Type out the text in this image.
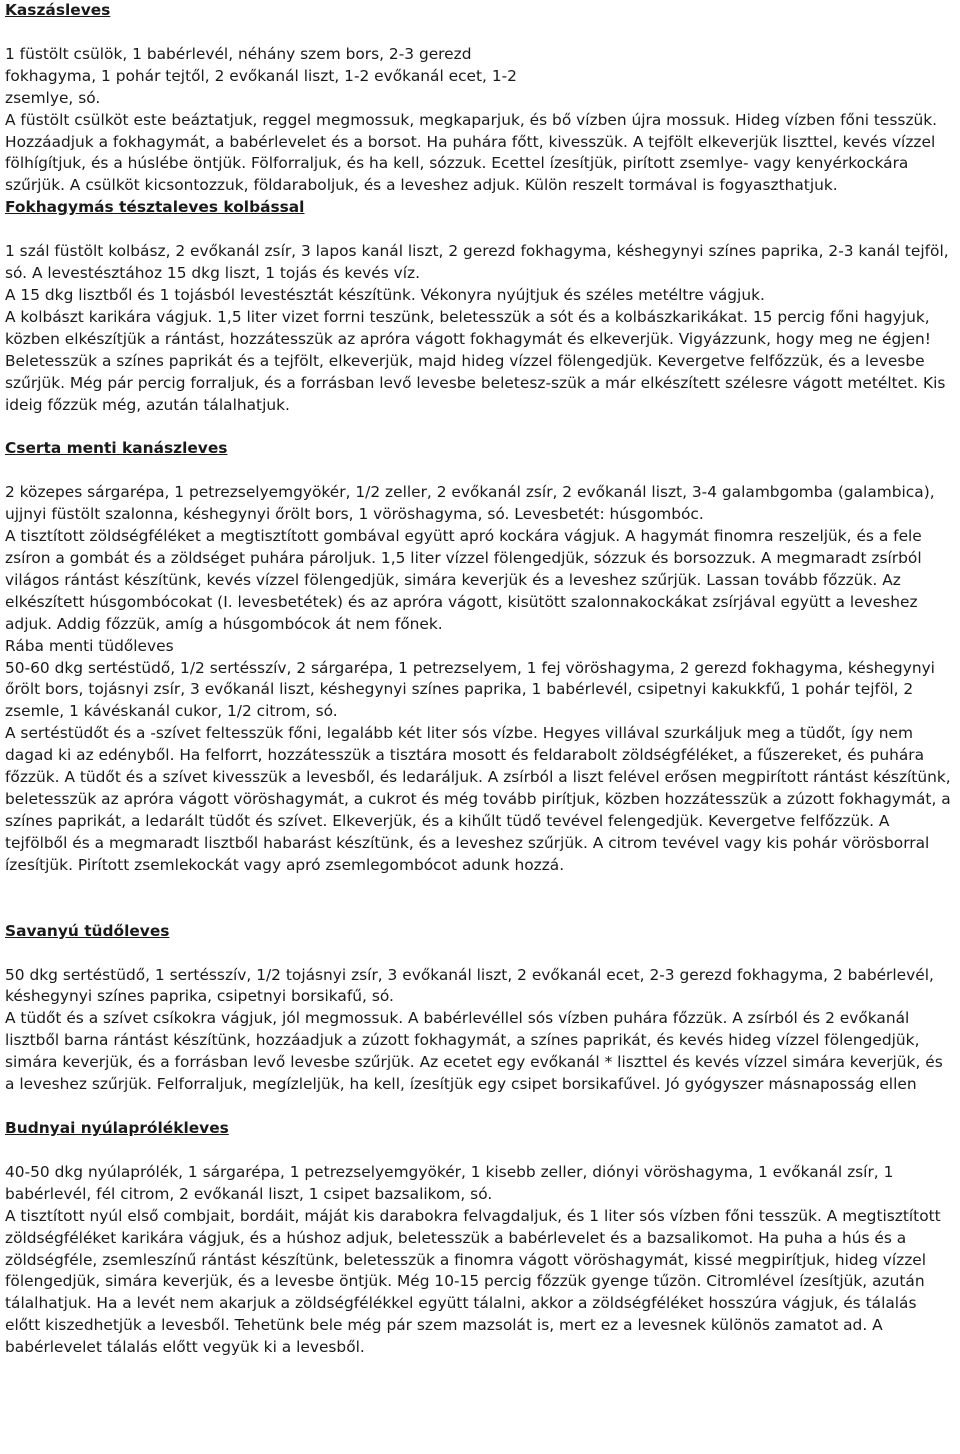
Kaszásleves

1 füstölt csülök, 1 babérlevél, néhány szem bors, 2-3 gerezd fokhagyma, 1 pohár tejtől, 2 evőkanál liszt, 1-2 evőkanál ecet, 1-2 zsemlye, só.

A füstölt csülköt este beáztatjuk, reggel megmossuk, megkaparjuk, és bő vízben újra mossuk. Hideg vízben főni tesszük. Hozzáadjuk a fokhagymát, a babérlevelet és a borsot. Ha puhára főtt, kivesszük. A tejfölt elkeverjük liszttel, kevés vízzel fölhígítjuk, és a húslébe öntjük. Fölforraljuk, és ha kell, sózzuk. Ecettel ízesítjük, pirított zsemlye- vagy kenyérkockára szűrjük. A csülköt kicsontozzuk, földaraboljuk, és a leveshez adjuk. Külön reszelt tormával is fogyaszthatjuk.

Fokhagymás tésztaleves kolbással

1 szál füstölt kolbász, 2 evőkanál zsír, 3 lapos kanál liszt, 2 gerezd fokhagyma, késhegynyi színes paprika, 2-3 kanál tejföl, só. A levestésztához 15 dkg liszt, 1 tojás és kevés víz.

A 15 dkg lisztből és 1 tojásból levestésztát készítünk. Vékonyra nyújtjuk és széles metéltre vágjuk.

A kolbászt karikára vágjuk. 1,5 liter vizet forrni teszünk, beletesszük a sót és a kolbászkarikákat. 15 percig főni hagyjuk, közben elkészítjük a rántást, hozzátesszük az apróra vágott fokhagymát és elkeverjük. Vigyázzunk, hogy meg ne égjen! Beletesszük a színes paprikát és a tejfölt, elkeverjük, majd hideg vízzel fölengedjük. Kevergetve felfőzzük, és a levesbe szűrjük. Még pár percig forraljuk, és a forrásban levő levesbe beletesz-szük a már elkészített szélesre vágott metéltet. Kis ideig főzzük még, azután tálalhatjuk.

Cserta menti kanászleves

2 közepes sárgarépa, 1 petrezselyemgyökér, 1/2 zeller, 2 evőkanál zsír, 2 evőkanál liszt, 3-4 galambgomba (galambica), ujjnyi füstölt szalonna, késhegynyi őrölt bors, 1 vöröshagyma, só. Levesbetét: húsgombóc.

A tisztított zöldségféléket a megtisztított gombával együtt apró kockára vágjuk. A hagymát finomra reszeljük, és a fele zsíron a gombát és a zöldséget puhára pároljuk. 1,5 liter vízzel fölengedjük, sózzuk és borsozzuk. A megmaradt zsírból világos rántást készítünk, kevés vízzel fölengedjük, simára keverjük és a leveshez szűrjük. Lassan tovább főzzük. Az elkészített húsgombócokat (I. levesbetétek) és az apróra vágott, kisütött szalonnakockákat zsírjával együtt a leveshez adjuk. Addig főzzük, amíg a húsgombócok át nem főnek.

Rába menti tüdőleves

50-60 dkg sertéstüdő, 1/2 sertésszív, 2 sárgarépa, 1 petrezselyem, 1 fej vöröshagyma, 2 gerezd fokhagyma, késhegynyi őrölt bors, tojásnyi zsír, 3 evőkanál liszt, késhegynyi színes paprika, 1 babérlevél, csipetnyi kakukkfű, 1 pohár tejföl, 2 zsemle, 1 kávéskanál cukor, 1/2 citrom, só.

A sertéstüdőt és a -szívet feltesszük főni, legalább két liter sós vízbe. Hegyes villával szurkáljuk meg a tüdőt, így nem dagad ki az edényből. Ha felforrt, hozzátesszük a tisztára mosott és feldarabolt zöldségféléket, a fűszereket, és puhára főzzük. A tüdőt és a szívet kivesszük a levesből, és ledaráljuk. A zsírból a liszt felével erősen megpirított rántást készítünk, beletesszük az apróra vágott vöröshagymát, a cukrot és még tovább pirítjuk, közben hozzátesszük a zúzott fokhagymát, a színes paprikát, a ledarált tüdőt és szívet. Elkeverjük, és a kihűlt tüdő tevével felengedjük. Kevergetve felfőzzük. A tejfölből és a megmaradt lisztből habarást készítünk, és a leveshez szűrjük. A citrom tevével vagy kis pohár vörösborral ízesítjük. Pirított zsemlekockát vagy apró zsemlegombócot adunk hozzá.

Savanyú tüdőleves

50 dkg sertéstüdő, 1 sertésszív, 1/2 tojásnyi zsír, 3 evőkanál liszt, 2 evőkanál ecet, 2-3 gerezd fokhagyma, 2 babérlevél, késhegynyi színes paprika, csipetnyi borsikafű, só.

A tüdőt és a szívet csíkokra vágjuk, jól megmossuk. A babérlevéllel sós vízben puhára főzzük. A zsírból és 2 evőkanál lisztből barna rántást készítünk, hozzáadjuk a zúzott fokhagymát, a színes paprikát, és kevés hideg vízzel fölengedjük, simára keverjük, és a forrásban levő levesbe szűrjük. Az ecetet egy evőkanál * liszttel és kevés vízzel simára keverjük, és a leveshez szűrjük. Felforraljuk, megízleljük, ha kell, ízesítjük egy csipet borsikafűvel. Jó gyógyszer másnaposság ellen

Budnyai nyúlaprólékleves

40-50 dkg nyúlaprólék, 1 sárgarépa, 1 petrezselyemgyökér, 1 kisebb zeller, diónyi vöröshagyma, 1 evőkanál zsír, 1 babérlevél, fél citrom, 2 evőkanál liszt, 1 csipet bazsalikom, só.

A tisztított nyúl első combjait, bordáit, máját kis darabokra felvagdaljuk, és 1 liter sós vízben főni tesszük. A megtisztított zöldségféléket karikára vágjuk, és a húshoz adjuk, beletesszük a babérlevelet és a bazsalikomot. Ha puha a hús és a zöldségféle, zsemleszínű rántást készítünk, beletesszük a finomra vágott vöröshagymát, kissé megpirítjuk, hideg vízzel fölengedjük, simára keverjük, és a levesbe öntjük. Még 10-15 percig főzzük gyenge tűzön. Citromlével ízesítjük, azután tálalhatjuk. Ha a levét nem akarjuk a zöldségfélékkel együtt tálalni, akkor a zöldségféléket hosszúra vágjuk, és tálalás előtt kiszedhetjük a levesből. Tehetünk bele még pár szem mazsolát is, mert ez a levesnek különös zamatot ad. A babérlevelet tálalás előtt vegyük ki a levesből.
